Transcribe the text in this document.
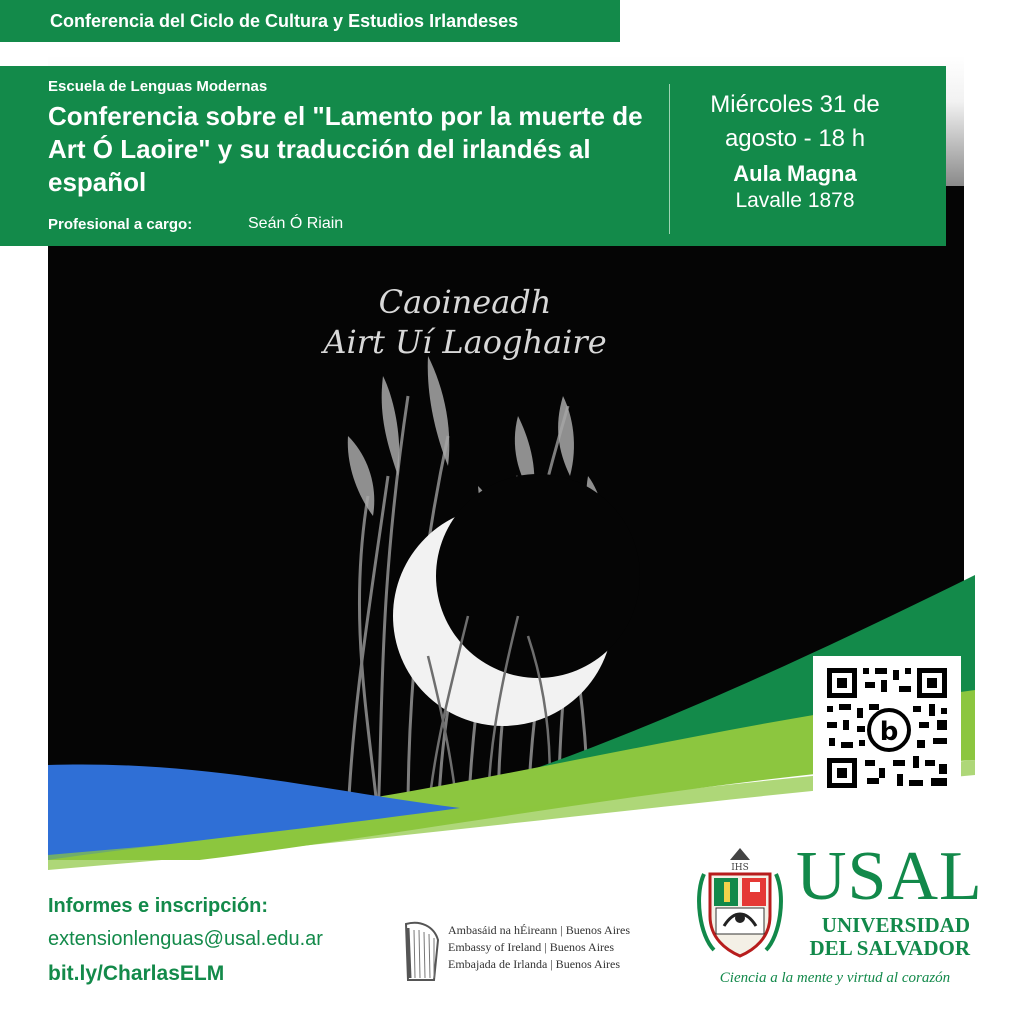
Conferencia del Ciclo de Cultura y Estudios Irlandeses
Escuela de Lenguas Modernas
Conferencia sobre el "Lamento por la muerte de Art Ó Laoire" y su traducción del irlandés al español
Profesional a cargo:	Seán Ó Riain
Miércoles 31 de
agosto - 18 h
Aula Magna
Lavalle 1878
Caoineadh
Airt Uí Laoghaire
b
Informes e inscripción:
extensionlenguas@usal.edu.ar
bit.ly/CharlasELM
Ambasáid na hÉireann | Buenos Aires
Embassy of Ireland | Buenos Aires
Embajada de Irlanda | Buenos Aires
IHS USAL
UNIVERSIDAD
DEL SALVADOR
Ciencia a la mente y virtud al corazón
